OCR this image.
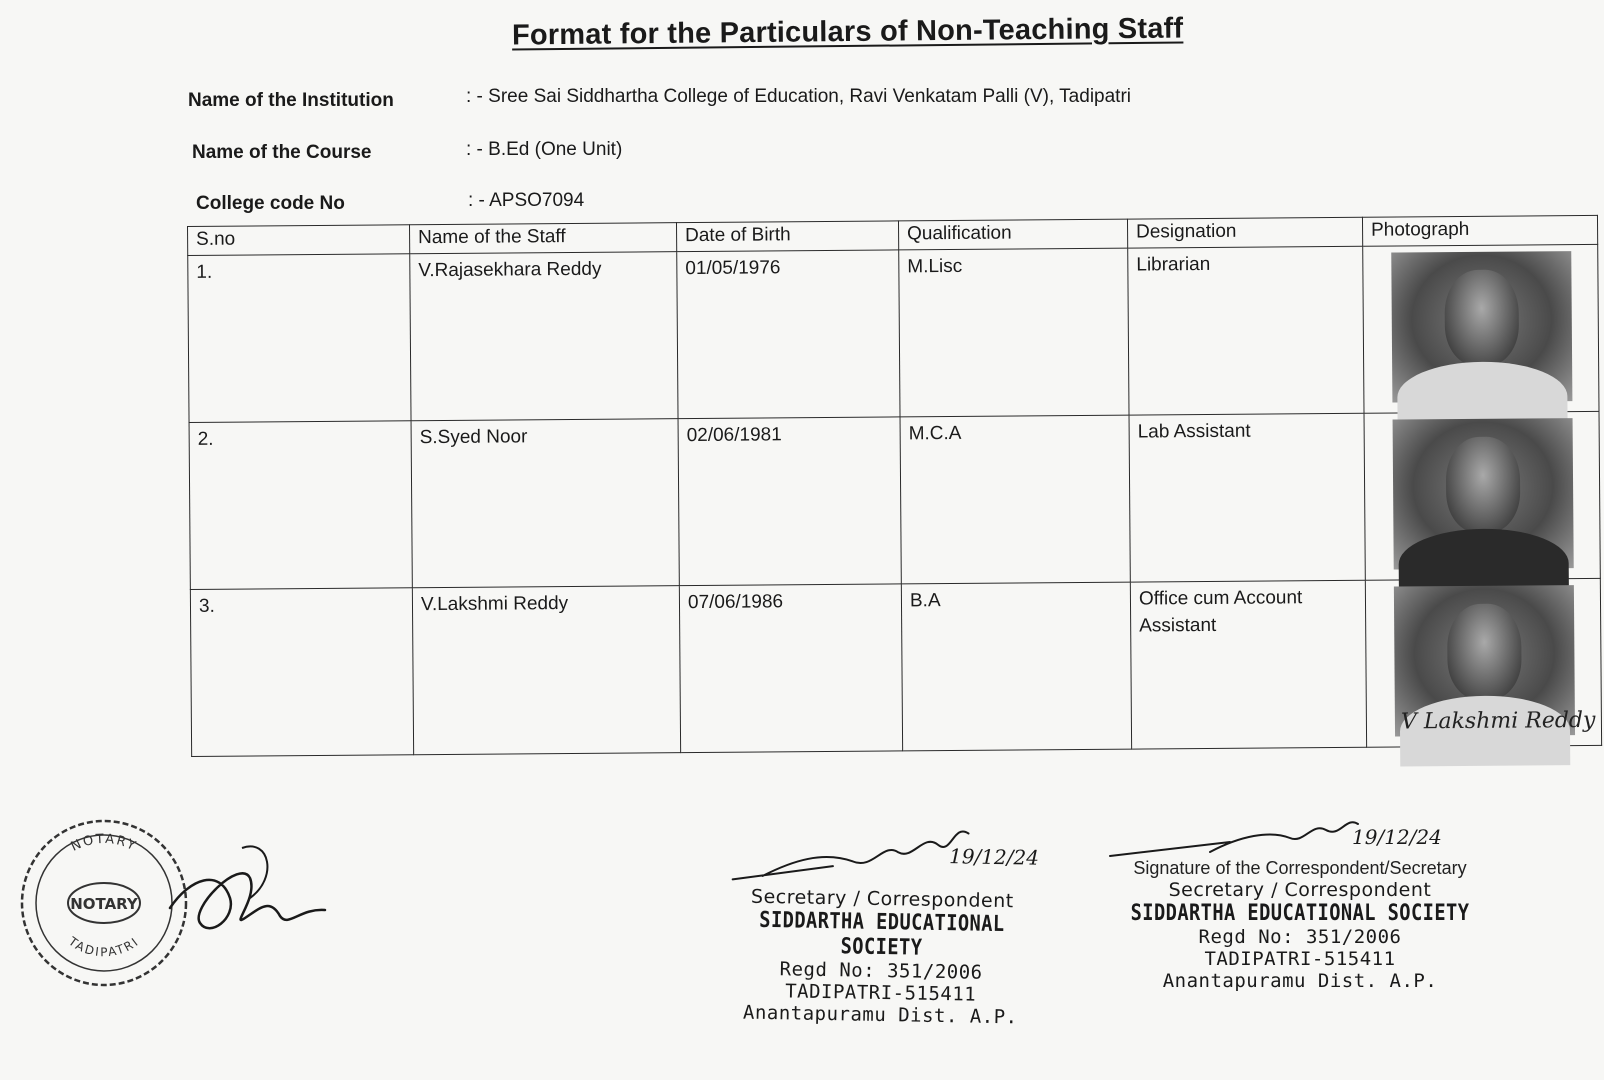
Format for the Particulars of Non-Teaching Staff
Name of the Institution	: - Sree Sai Siddhartha College of Education, Ravi Venkatam Palli (V), Tadipatri
Name of the Course	: - B.Ed (One Unit)
College code No	: - APSO7094
S.no	Name of the Staff	Date of Birth	Qualification	Designation	Photograph

1.	V.Rajasekhara Reddy	01/05/1976	M.Lisc	Librarian	

2.	S.Syed Noor	02/06/1981	M.C.A	Lab Assistant	

3.	V.Lakshmi Reddy	07/06/1986	B.A	Office cum Account Assistant	V Lakshmi Reddy
NOTARY
NOTARY
TADIPATRI
19/12/24
Secretary / Correspondent
SIDDARTHA EDUCATIONAL SOCIETY
Regd No: 351/2006
TADIPATRI-515411
Anantapuramu Dist. A.P.
19/12/24
Signature of the Correspondent/Secretary
Secretary / Correspondent
SIDDARTHA EDUCATIONAL SOCIETY
Regd No: 351/2006
TADIPATRI-515411
Anantapuramu Dist. A.P.
